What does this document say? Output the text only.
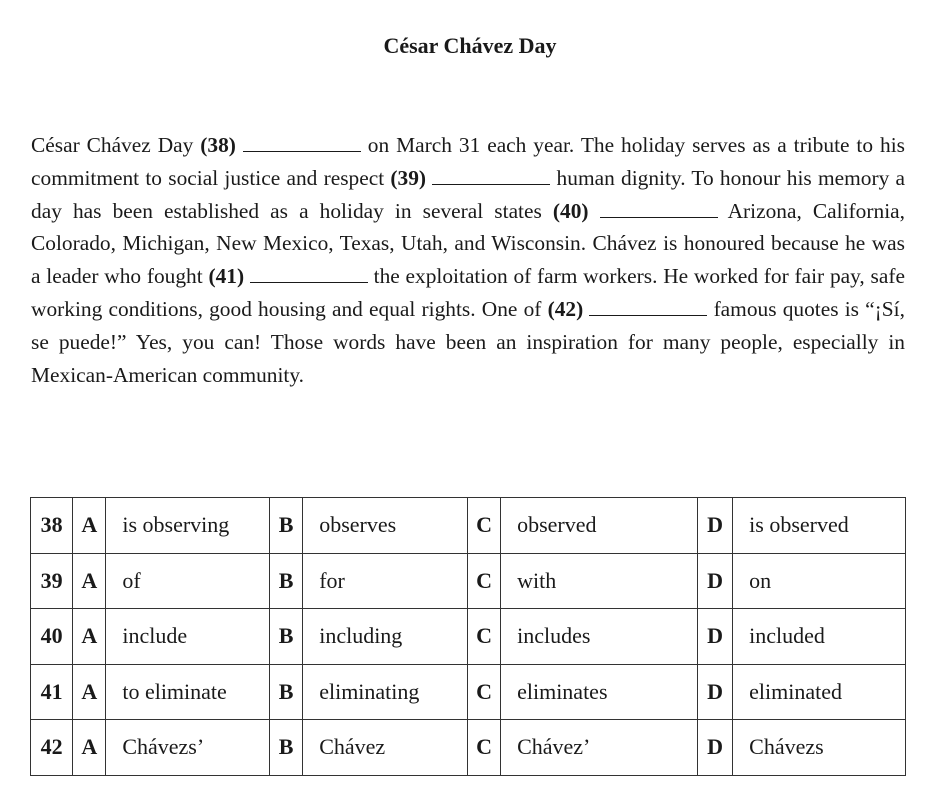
César Chávez Day

César Chávez Day (38)	on March 31 each year. The holiday serves as a tribute to his commitment to social justice and respect (39)	human dignity. To honour his memory a day has been established as a holiday in several states (40)	Arizona, California, Colorado, Michigan, New Mexico, Texas, Utah, and Wisconsin. Chávez is honoured because he was a leader who fought (41)	the exploitation of farm workers. He worked for fair pay, safe working conditions, good housing and equal rights. One of (42)	famous quotes is “¡Sí, se puede!” Yes, you can! Those words have been an inspiration for many people, especially in Mexican-American community.

38	A	is observing	B	observes	C	observed	D	is observed
39	A	of	B	for	C	with	D	on
40	A	include	B	including	C	includes	D	included
41	A	to eliminate	B	eliminating	C	eliminates	D	eliminated
42	A	Chávezs’	B	Chávez	C	Chávez’	D	Chávezs
